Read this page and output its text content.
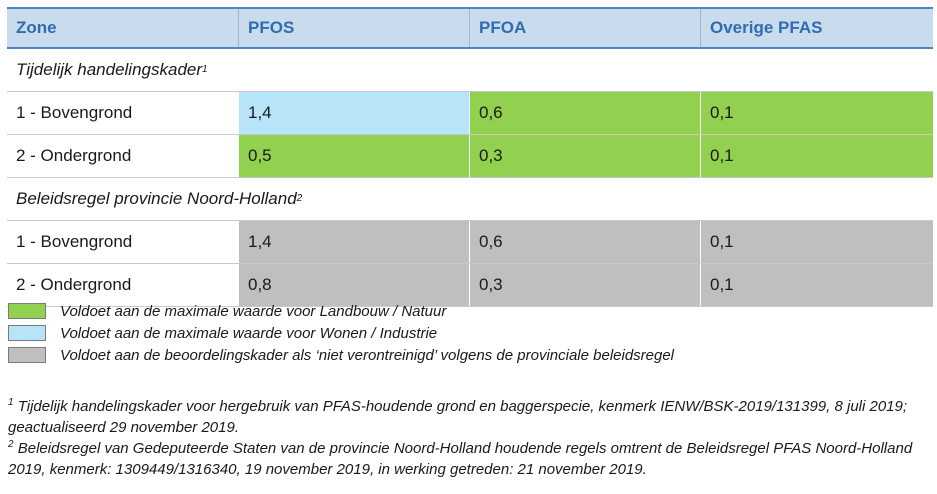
Zone	PFOS	PFOA	Overige PFAS
Tijdelijk handelingskader 1
1 - Bovengrond	1,4	0,6	0,1
2 - Ondergrond	0,5	0,3	0,1
Beleidsregel provincie Noord-Holland 2
1 - Bovengrond	1,4	0,6	0,1
2 - Ondergrond	0,8	0,3	0,1
Voldoet aan de maximale waarde voor Landbouw / Natuur
Voldoet aan de maximale waarde voor Wonen / Industrie
Voldoet aan de beoordelingskader als ‘niet verontreinigd’ volgens de provinciale beleidsregel

$^1$ Tijdelijk handelingskader voor hergebruik van PFAS-houdende grond en baggerspecie, kenmerk IENW/BSK-2019/131399, 8 juli 2019; geactualiseerd 29 november 2019.

$^2$ Beleidsregel van Gedeputeerde Staten van de provincie Noord-Holland houdende regels omtrent de Beleidsregel PFAS Noord-Holland 2019, kenmerk: 1309449/1316340, 19 november 2019, in werking getreden: 21 november 2019.
